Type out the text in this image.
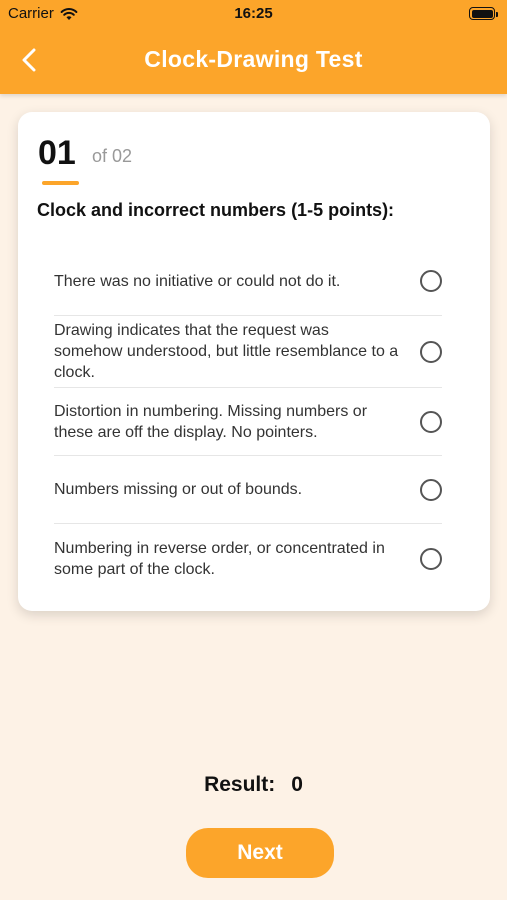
Carrier	16:25
Clock-Drawing Test
01 of 02
Clock and incorrect numbers (1-5 points):
There was no initiative or could not do it.
Drawing indicates that the request was somehow understood, but little resemblance to a clock.
Distortion in numbering. Missing numbers or these are off the display. No pointers.
Numbers missing or out of bounds.
Numbering in reverse order, or concentrated in some part of the clock.
Result: 0
Next
